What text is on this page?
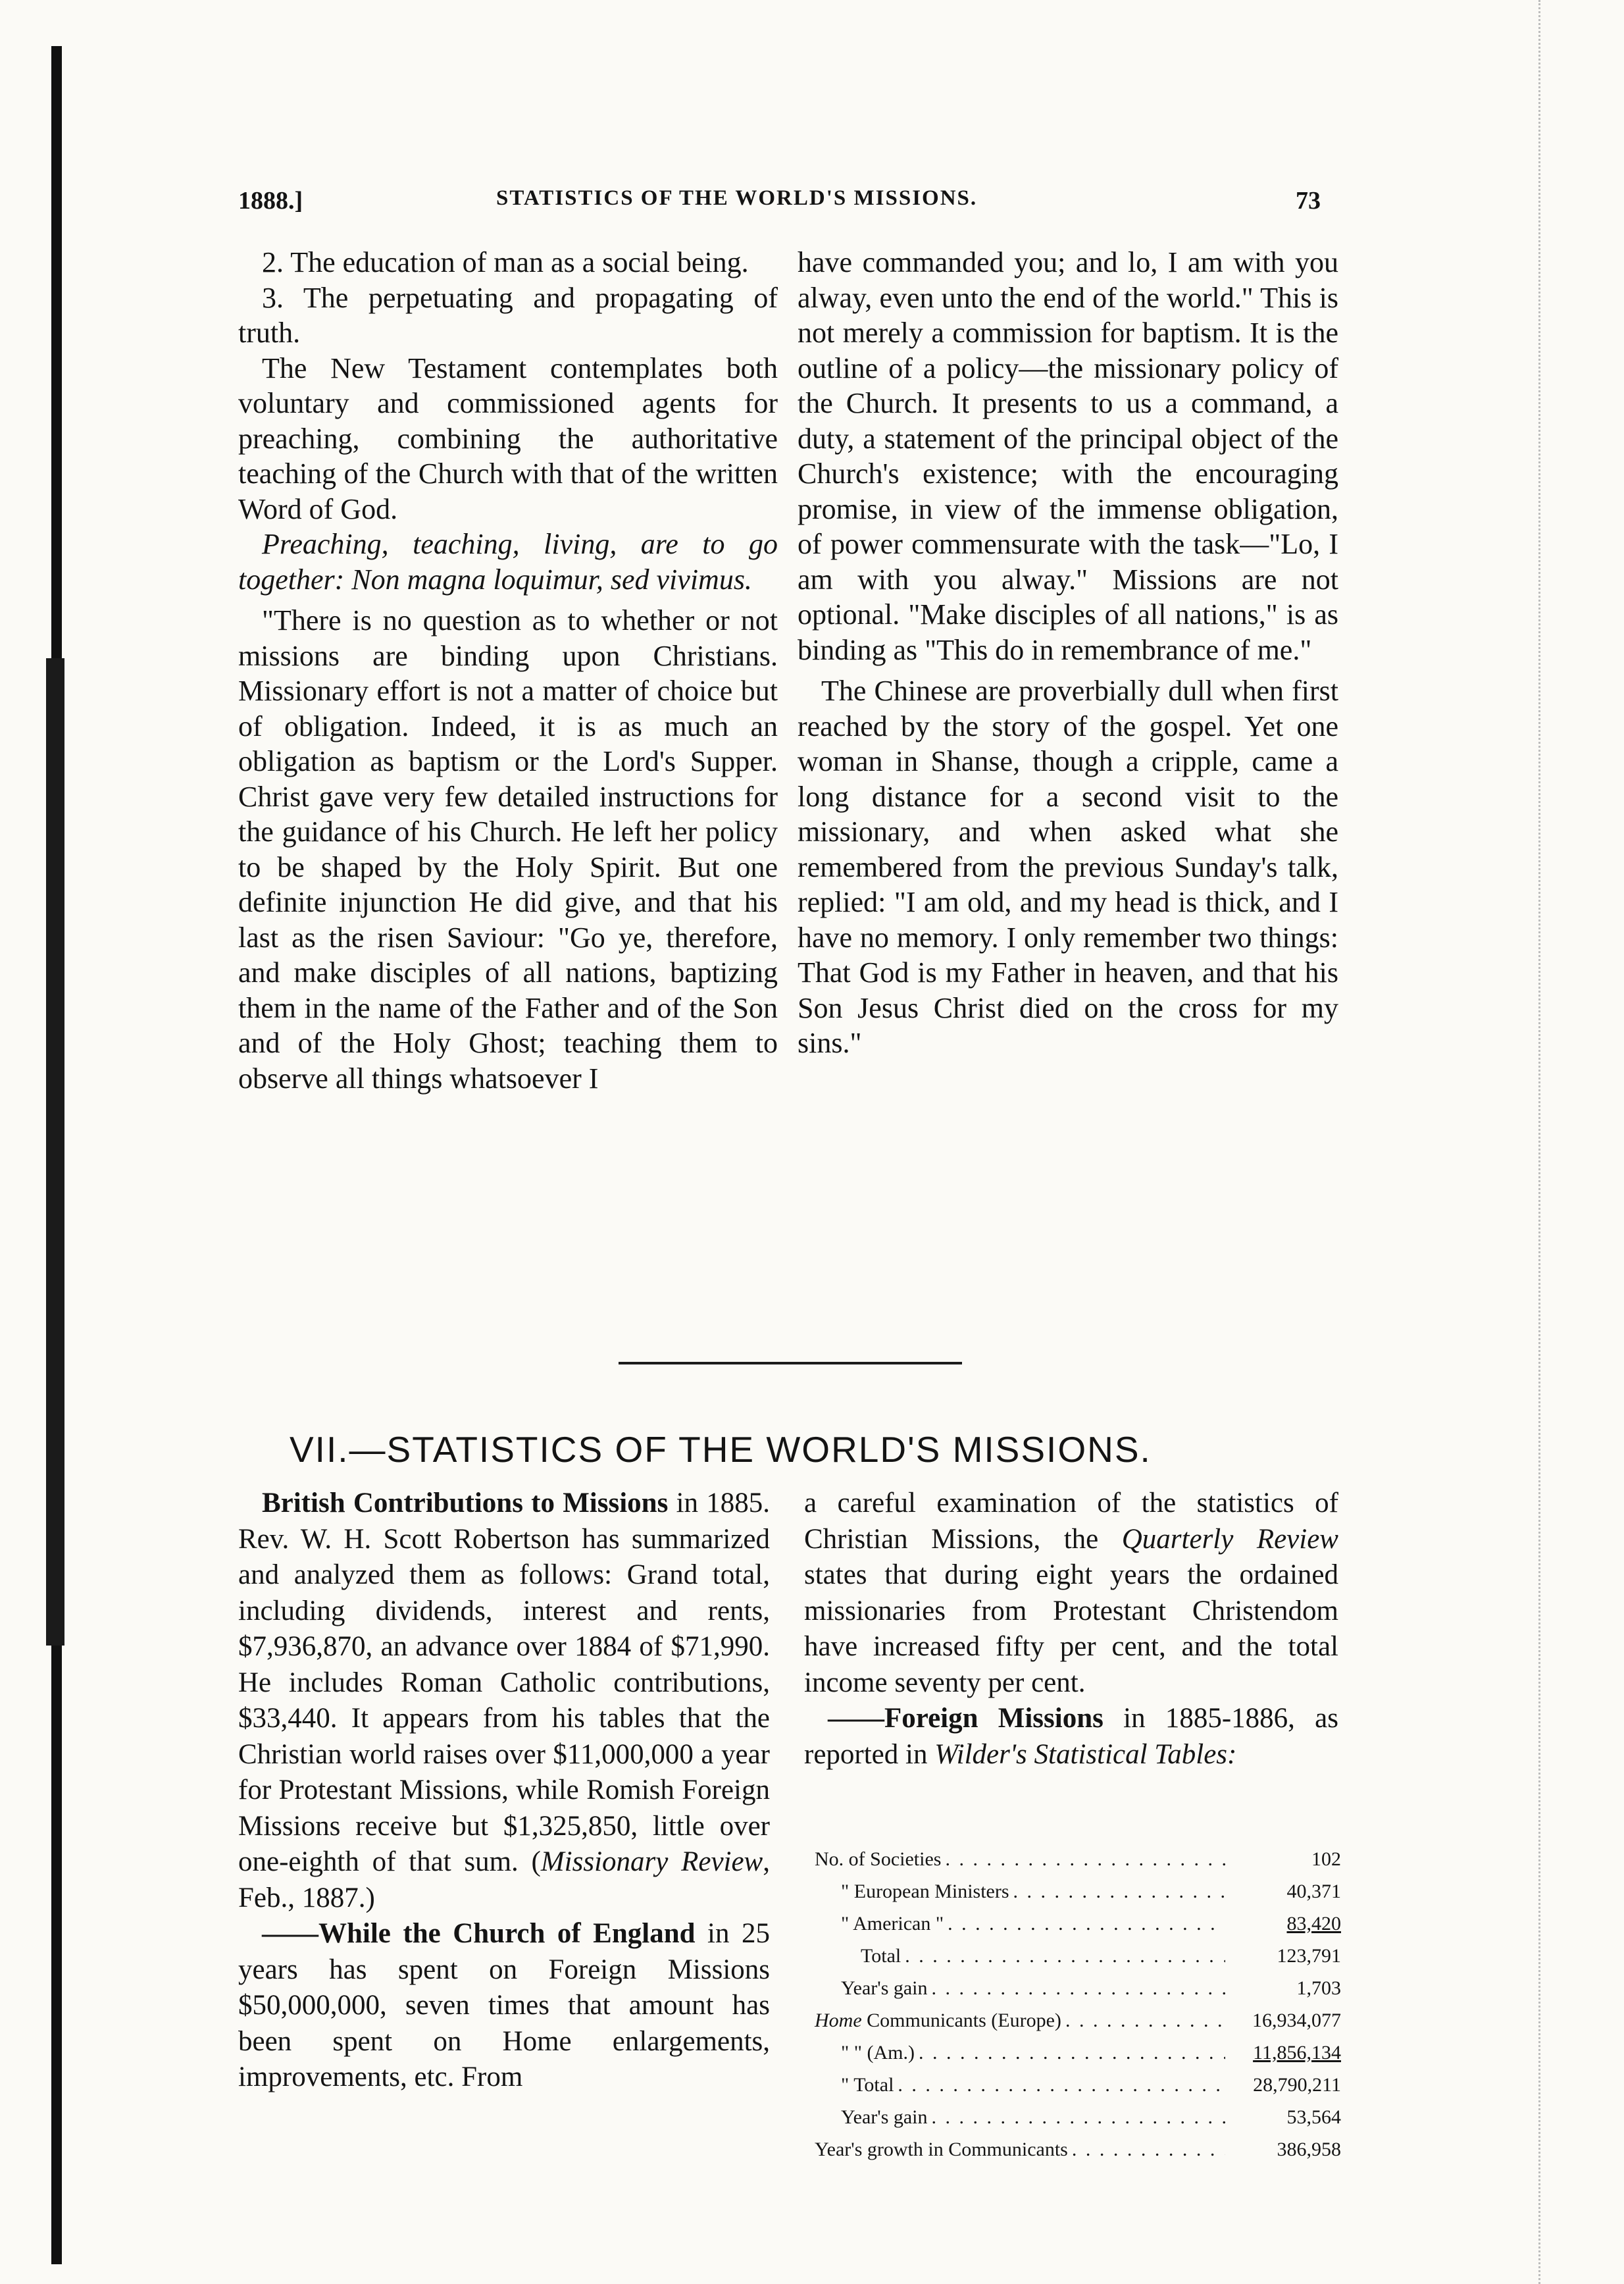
1888.]	STATISTICS OF THE WORLD'S MISSIONS.	73

2. The education of man as a social being.

3. The perpetuating and propagating of truth.

The New Testament contemplates both voluntary and commissioned agents for preaching, combining the authoritative teaching of the Church with that of the written Word of God.

Preaching, teaching, living, are to go together: Non magna loquimur, sed vivimus.

"There is no question as to whether or not missions are binding upon Christians. Missionary effort is not a matter of choice but of obligation. Indeed, it is as much an obligation as baptism or the Lord's Supper. Christ gave very few detailed instructions for the guidance of his Church. He left her policy to be shaped by the Holy Spirit. But one definite injunction He did give, and that his last as the risen Saviour: "Go ye, therefore, and make disciples of all nations, baptizing them in the name of the Father and of the Son and of the Holy Ghost; teaching them to observe all things whatsoever I

have commanded you; and lo, I am with you alway, even unto the end of the world." This is not merely a commission for baptism. It is the outline of a policy—the missionary policy of the Church. It presents to us a command, a duty, a statement of the principal object of the Church's existence; with the encouraging promise, in view of the immense obligation, of power commensurate with the task—"Lo, I am with you alway." Missions are not optional. "Make disciples of all nations," is as binding as "This do in remembrance of me."

The Chinese are proverbially dull when first reached by the story of the gospel. Yet one woman in Shanse, though a cripple, came a long distance for a second visit to the missionary, and when asked what she remembered from the previous Sunday's talk, replied: "I am old, and my head is thick, and I have no memory. I only remember two things: That God is my Father in heaven, and that his Son Jesus Christ died on the cross for my sins."

VII.—STATISTICS OF THE WORLD'S MISSIONS.

British Contributions to Missions in 1885. Rev. W. H. Scott Robertson has summarized and analyzed them as follows: Grand total, including dividends, interest and rents, $7,936,870, an advance over 1884 of $71,990. He includes Roman Catholic contributions, $33,440. It appears from his tables that the Christian world raises over $11,000,000 a year for Protestant Missions, while Romish Foreign Missions receive but $1,325,850, little over one-eighth of that sum. (Missionary Review, Feb., 1887.)

——While the Church of England in 25 years has spent on Foreign Missions $50,000,000, seven times that amount has been spent on Home enlargements, improvements, etc. From

a careful examination of the statistics of Christian Missions, the Quarterly Review states that during eight years the ordained missionaries from Protestant Christendom have increased fifty per cent, and the total income seventy per cent.

——Foreign Missions in 1885-1886, as reported in Wilder's Statistical Tables:

No. of Societies . . .	102
" European Ministers . . .	40,371
" American " . . .	83,420
Total . . .	123,791
Year's gain . . .	1,703
Home Communicants (Europe) . . .	16,934,077
" " (Am.) . . .	11,856,134
" Total . . .	28,790,211
Year's gain . . .	53,564
Year's growth in Communicants . . .	386,958
